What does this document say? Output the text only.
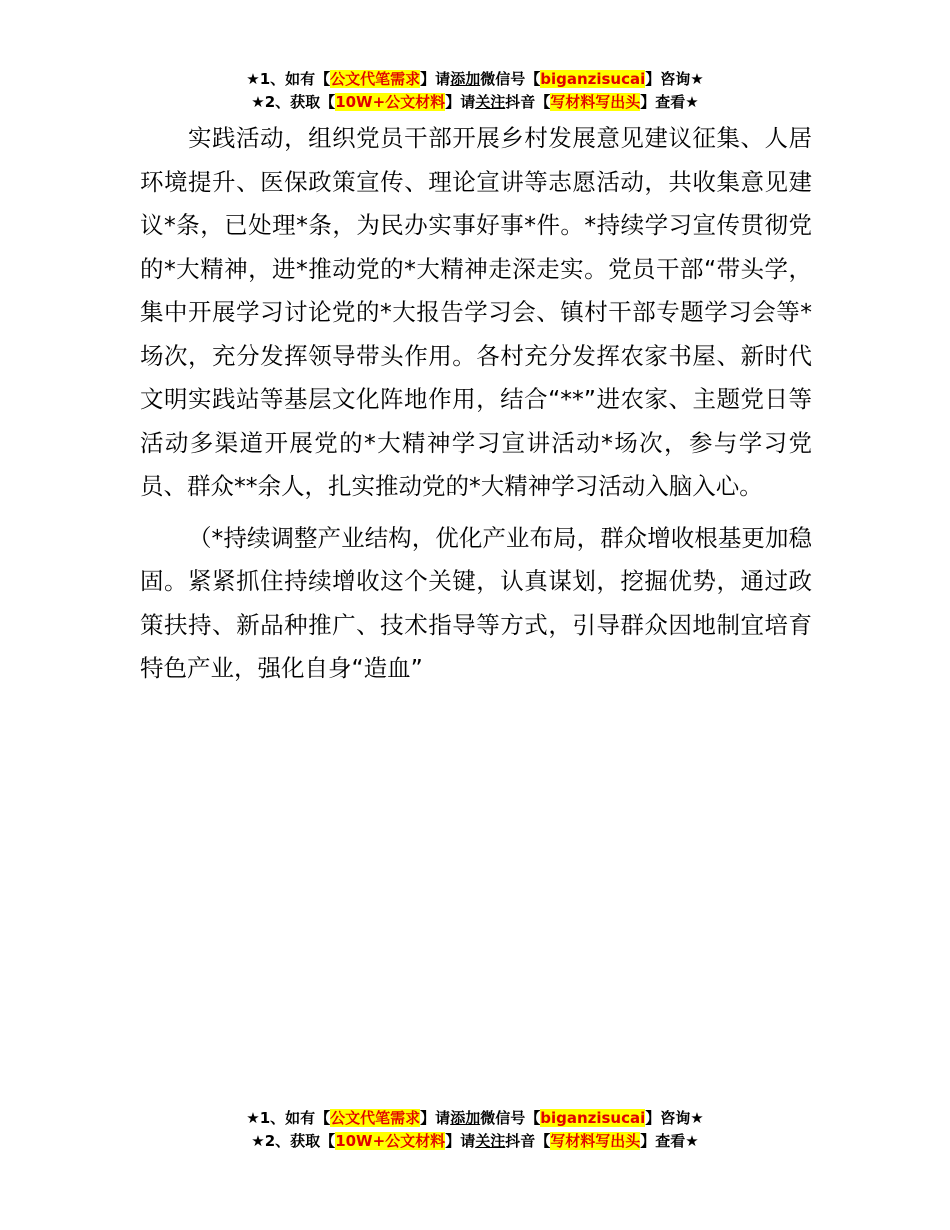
★1、如有【公文代笔需求】请添加微信号【biganzisucai】咨询★
★2、获取【10W+公文材料】请关注抖音【写材料写出头】查看★

实践活动，组织党员干部开展乡村发展意见建议征集、人居环境提升、医保政策宣传、理论宣讲等志愿活动，共收集意见建议*条，已处理*条，为民办实事好事*件。*持续学习宣传贯彻党的*大精神，进*推动党的*大精神走深走实。党员干部“带头学，集中开展学习讨论党的*大报告学习会、镇村干部专题学习会等*场次，充分发挥领导带头作用。各村充分发挥农家书屋、新时代文明实践站等基层文化阵地作用，结合“**”进农家、主题党日等活动多渠道开展党的*大精神学习宣讲活动*场次，参与学习党员、群众**余人，扎实推动党的*大精神学习活动入脑入心。

（*持续调整产业结构，优化产业布局，群众增收根基更加稳固。紧紧抓住持续增收这个关键，认真谋划，挖掘优势，通过政策扶持、新品种推广、技术指导等方式，引导群众因地制宜培育特色产业，强化自身“造血”

★1、如有【公文代笔需求】请添加微信号【biganzisucai】咨询★
★2、获取【10W+公文材料】请关注抖音【写材料写出头】查看★
